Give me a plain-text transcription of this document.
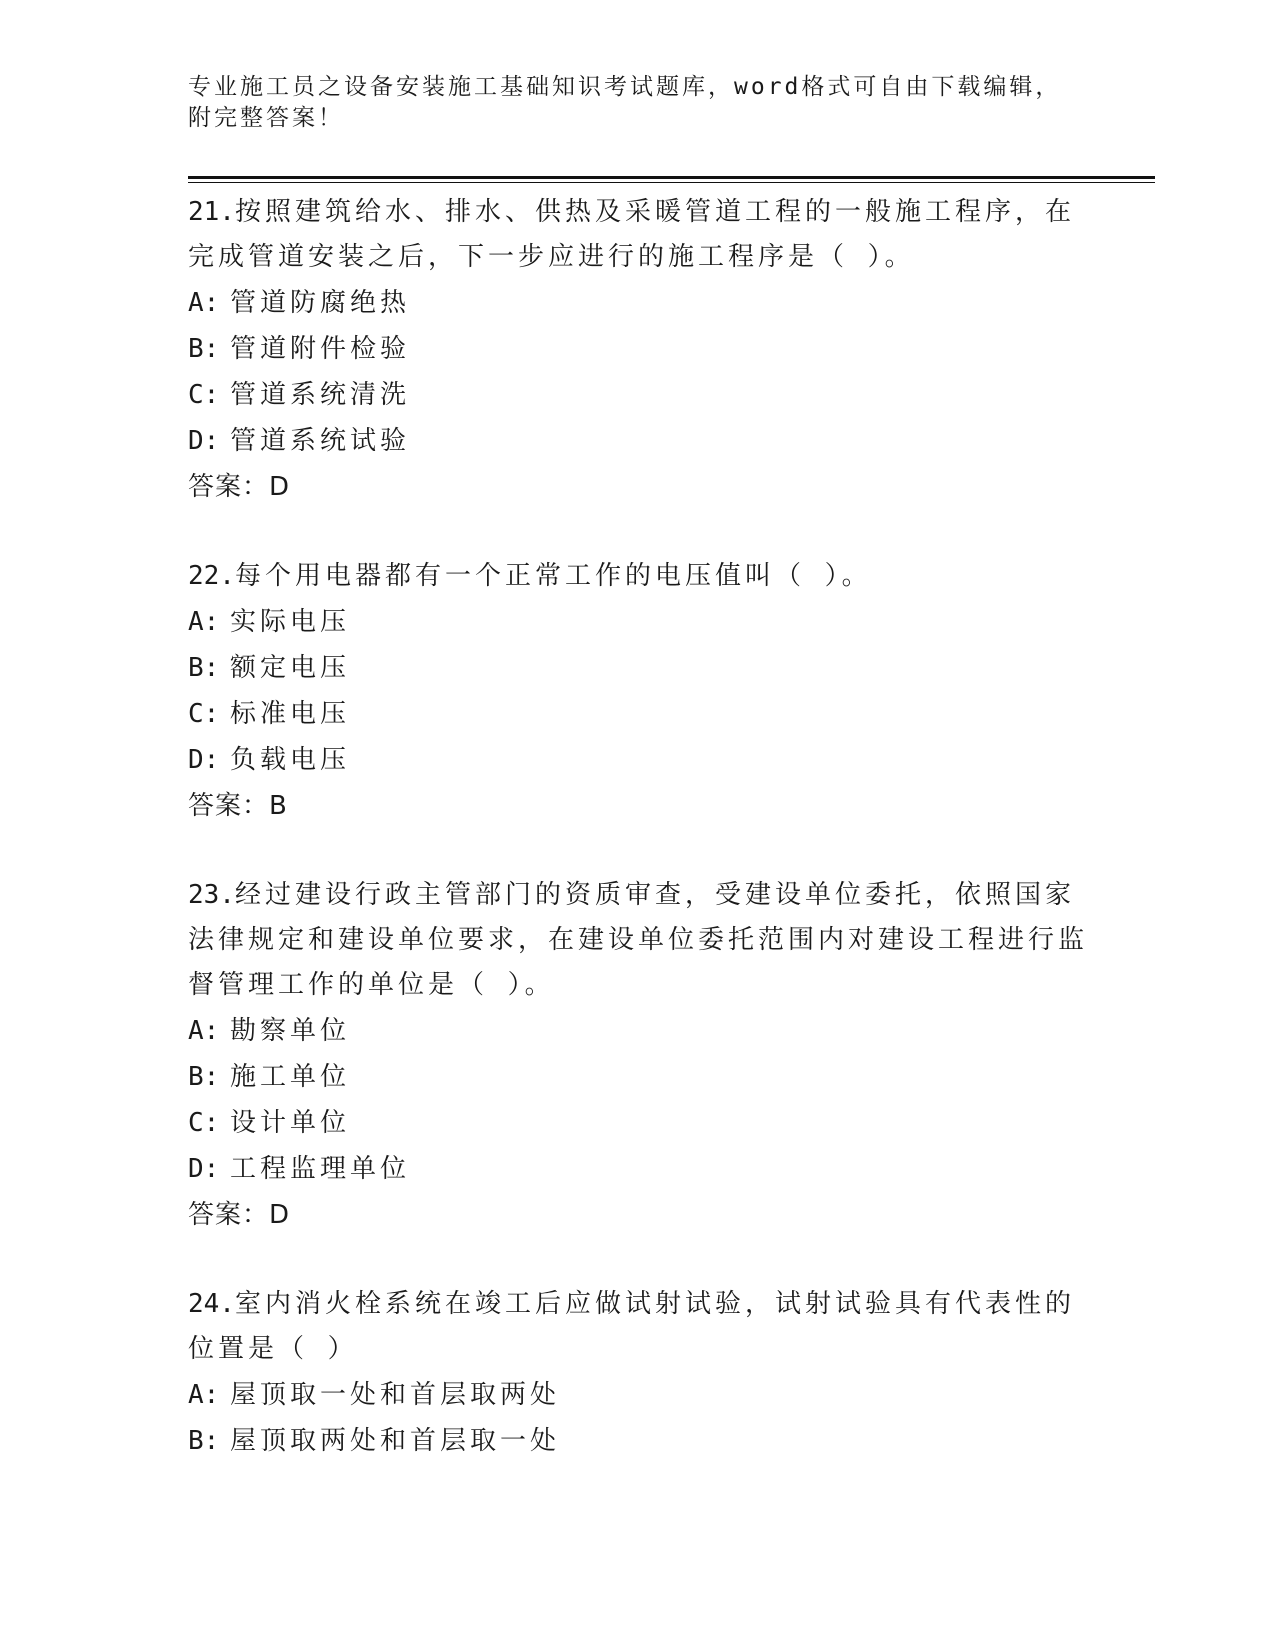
专业施工员之设备安装施工基础知识考试题库，word格式可自由下载编辑，附完整答案！

21.按照建筑给水、排水、供热及采暖管道工程的一般施工程序，在完成管道安装之后，下一步应进行的施工程序是（ ）。

A: 管道防腐绝热

B: 管道附件检验

C: 管道系统清洗

D: 管道系统试验

答案：D

22.每个用电器都有一个正常工作的电压值叫（ ）。

A: 实际电压

B: 额定电压

C: 标准电压

D: 负载电压

答案：B

23.经过建设行政主管部门的资质审查，受建设单位委托，依照国家法律规定和建设单位要求，在建设单位委托范围内对建设工程进行监督管理工作的单位是（ ）。

A: 勘察单位

B: 施工单位

C: 设计单位

D: 工程监理单位

答案：D

24.室内消火栓系统在竣工后应做试射试验，试射试验具有代表性的位置是（ ）

A: 屋顶取一处和首层取两处

B: 屋顶取两处和首层取一处
